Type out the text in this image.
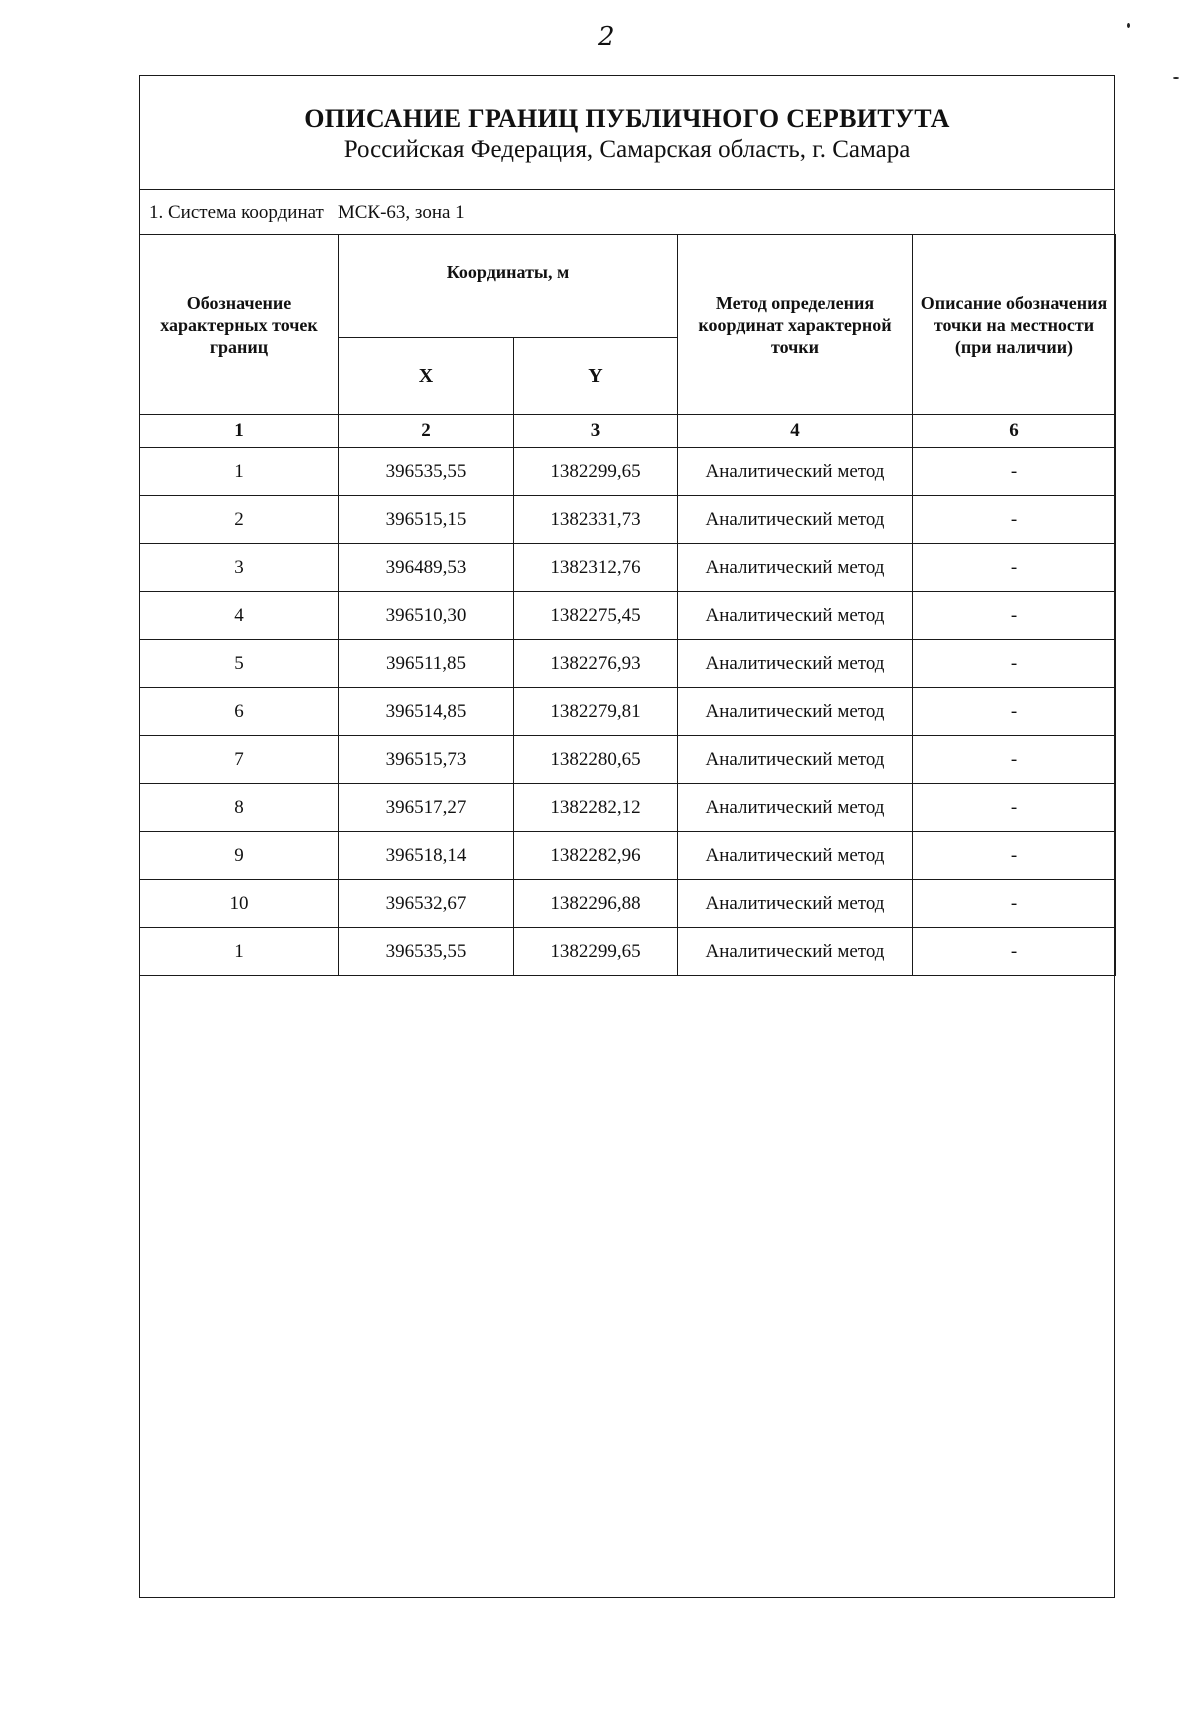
2
ОПИСАНИЕ ГРАНИЦ ПУБЛИЧНОГО СЕРВИТУТА
Российская Федерация, Самарская область, г. Самара
1. Система координат МСК-63, зона 1
Обозначение характерных точек границ	Координаты, м		Метод определения координат характерной точки	Описание обозначения точки на местности (при наличии)
	X	Y		
1	2	3	4	6
1	396535,55	1382299,65	Аналитический метод	-
2	396515,15	1382331,73	Аналитический метод	-
3	396489,53	1382312,76	Аналитический метод	-
4	396510,30	1382275,45	Аналитический метод	-
5	396511,85	1382276,93	Аналитический метод	-
6	396514,85	1382279,81	Аналитический метод	-
7	396515,73	1382280,65	Аналитический метод	-
8	396517,27	1382282,12	Аналитический метод	-
9	396518,14	1382282,96	Аналитический метод	-
10	396532,67	1382296,88	Аналитический метод	-
1	396535,55	1382299,65	Аналитический метод	-
